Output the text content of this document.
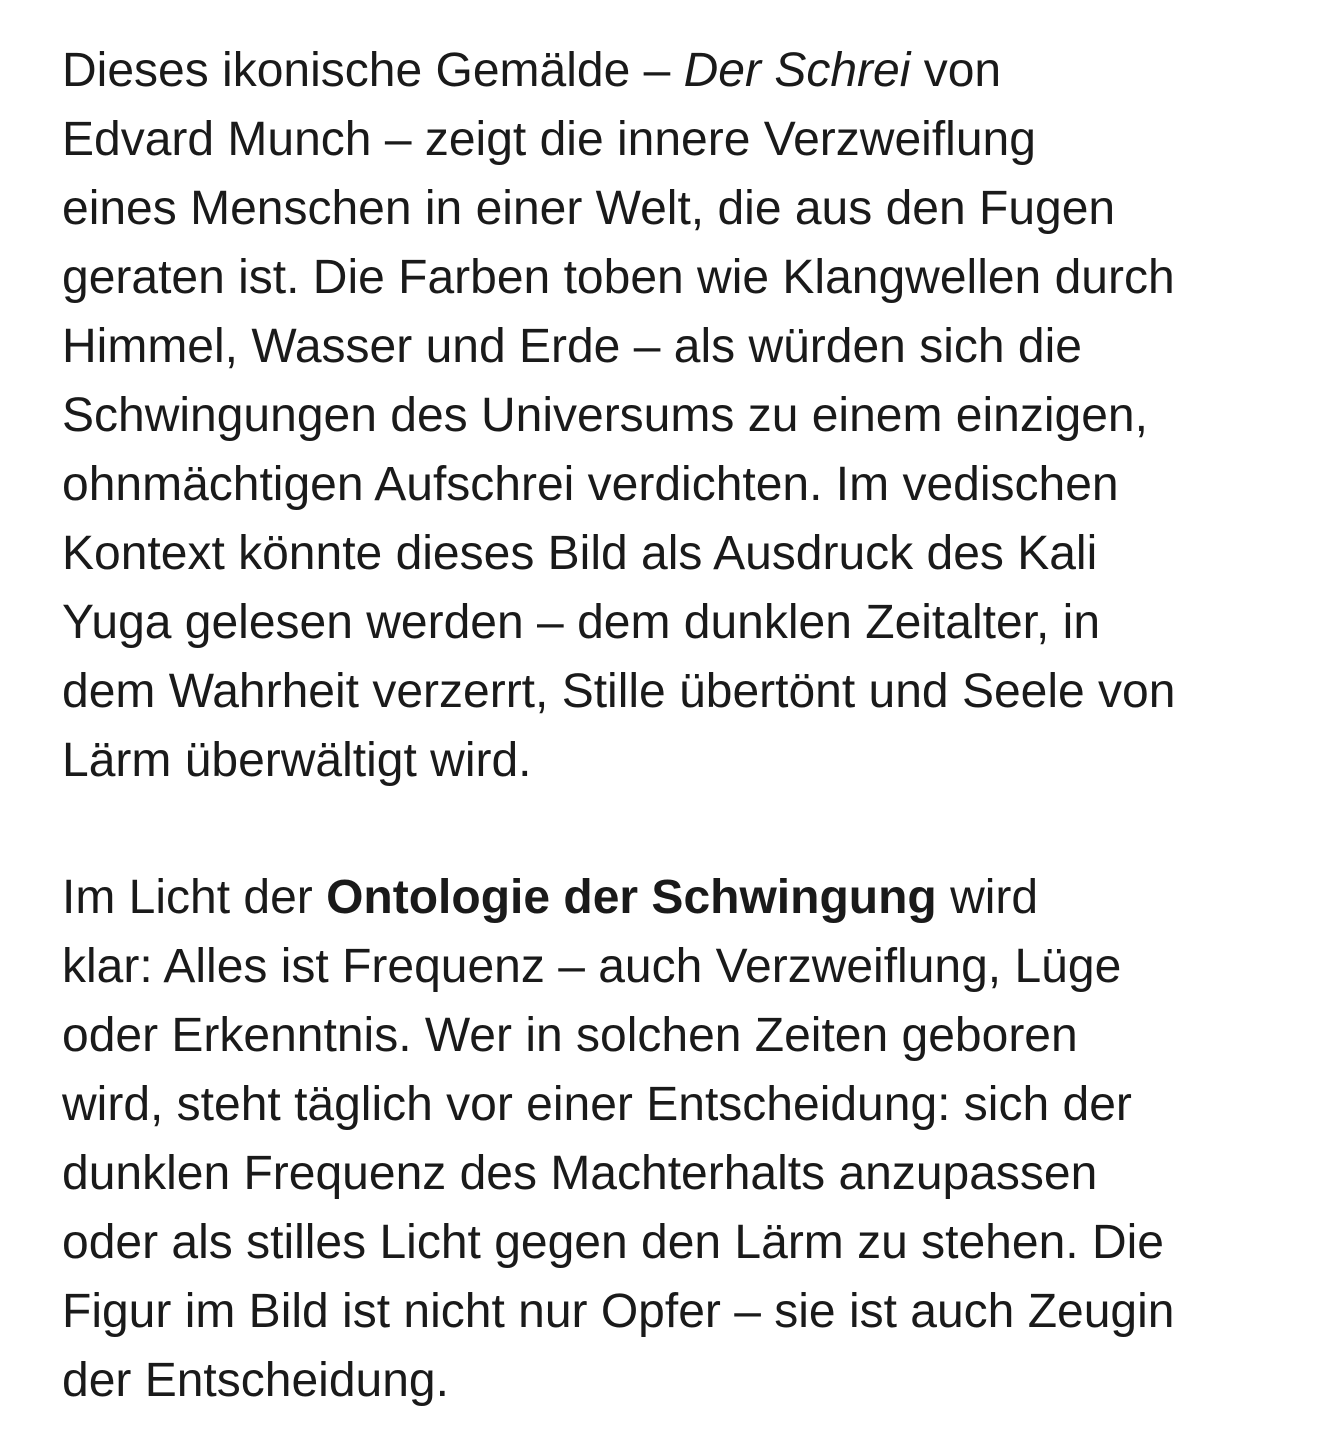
Dieses ikonische Gemälde – Der Schrei von
Edvard Munch – zeigt die innere Verzweiflung
eines Menschen in einer Welt, die aus den Fugen
geraten ist. Die Farben toben wie Klangwellen durch
Himmel, Wasser und Erde – als würden sich die
Schwingungen des Universums zu einem einzigen,
ohnmächtigen Aufschrei verdichten. Im vedischen
Kontext könnte dieses Bild als Ausdruck des Kali
Yuga gelesen werden – dem dunklen Zeitalter, in
dem Wahrheit verzerrt, Stille übertönt und Seele von
Lärm überwältigt wird.
Im Licht der Ontologie der Schwingung wird
klar: Alles ist Frequenz – auch Verzweiflung, Lüge
oder Erkenntnis. Wer in solchen Zeiten geboren
wird, steht täglich vor einer Entscheidung: sich der
dunklen Frequenz des Machterhalts anzupassen
oder als stilles Licht gegen den Lärm zu stehen. Die
Figur im Bild ist nicht nur Opfer – sie ist auch Zeugin
der Entscheidung.
